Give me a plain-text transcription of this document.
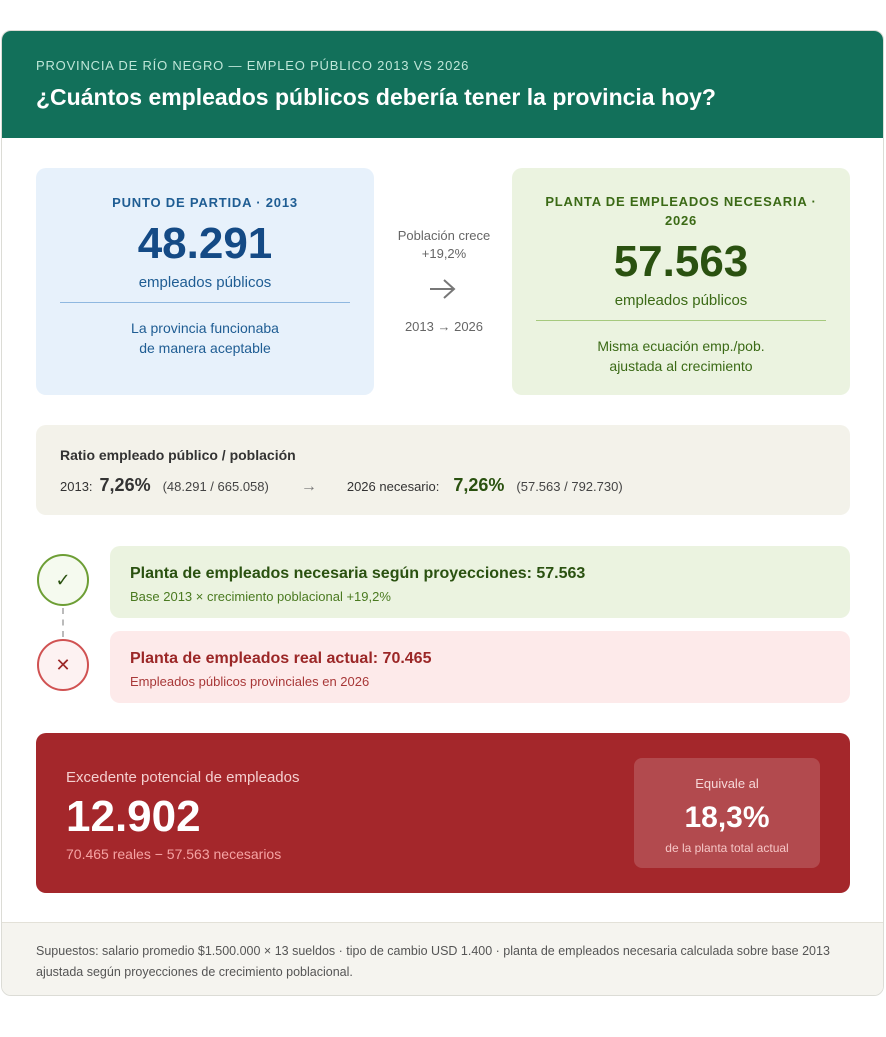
PROVINCIA DE RÍO NEGRO — EMPLEO PÚBLICO 2013 VS 2026
¿Cuántos empleados públicos debería tener la provincia hoy?
PUNTO DE PARTIDA · 2013
48.291
empleados públicos
La provincia funcionaba
de manera aceptable
Población crece
+19,2%
2013 → 2026
PLANTA DE EMPLEADOS NECESARIA · 2026
57.563
empleados públicos
Misma ecuación emp./pob.
ajustada al crecimiento
Ratio empleado público / población
2013: 7,26% (48.291 / 665.058) → 2026 necesario: 7,26% (57.563 / 792.730)
✓
✕
Planta de empleados necesaria según proyecciones: 57.563
Base 2013 × crecimiento poblacional +19,2%
Planta de empleados real actual: 70.465
Empleados públicos provinciales en 2026
Excedente potencial de empleados
12.902
70.465 reales − 57.563 necesarios
Equivale al
18,3%
de la planta total actual
Supuestos: salario promedio $1.500.000 × 13 sueldos · tipo de cambio USD 1.400 · planta de empleados necesaria calculada sobre base 2013 ajustada según proyecciones de crecimiento poblacional.
